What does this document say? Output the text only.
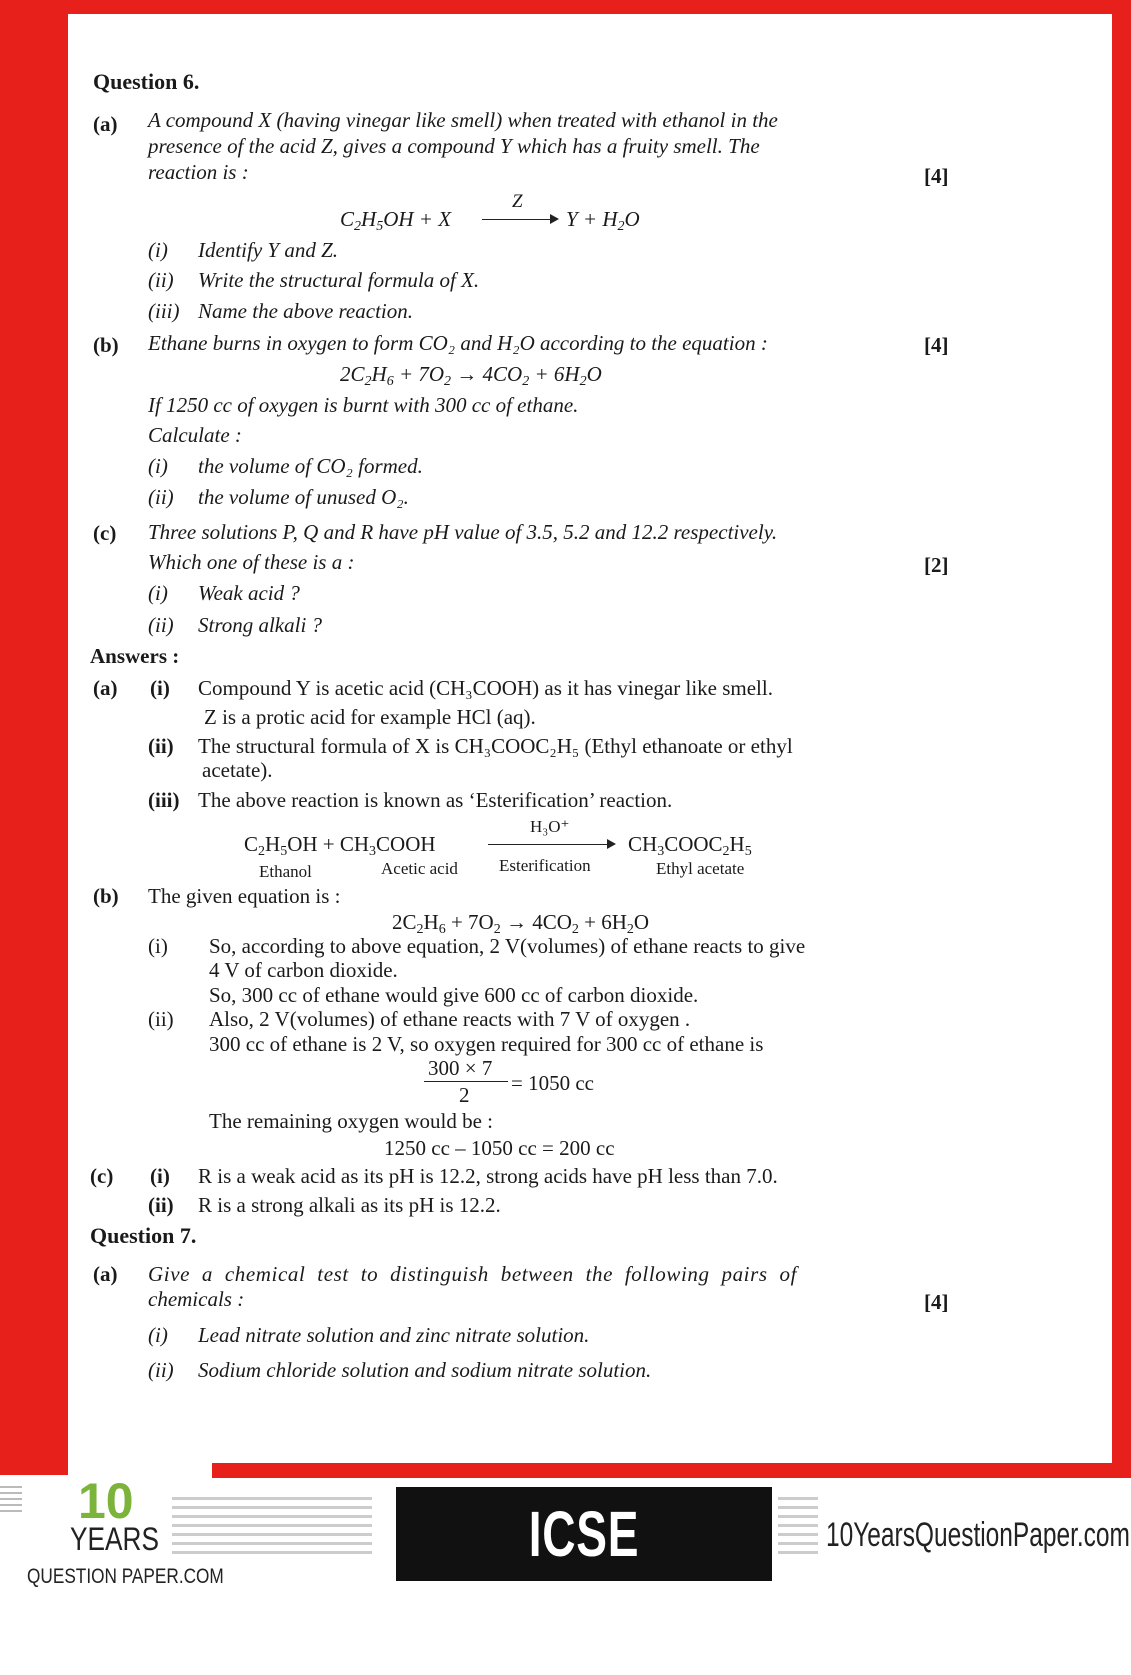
Question 6.
(a) A compound X (having vinegar like smell) when treated with ethanol in the
presence of the acid Z, gives a compound Y which has a fruity smell. The
reaction is :	[4]
$C_2H_5OH + X$
Z
$Y + H_2O$
(i) Identify Y and Z.
(ii) Write the structural formula of X.
(iii) Name the above reaction.
(b) Ethane burns in oxygen to form CO₂ and H₂O according to the equation :	[4]
$2C_2H_6 + 7O_2 \to 4CO_2 + 6H_2O$
If 1250 cc of oxygen is burnt with 300 cc of ethane.
Calculate :
(i) the volume of CO₂ formed.
(ii) the volume of unused O₂.
(c) Three solutions P, Q and R have pH value of 3.5, 5.2 and 12.2 respectively.
Which one of these is a :	[2]
(i) Weak acid ?
(ii) Strong alkali ?
Answers :
(a) (i) Compound Y is acetic acid (CH₃COOH) as it has vinegar like smell.
Z is a protic acid for example HCl (aq).
(ii) The structural formula of X is CH₃COOC₂H₅ (Ethyl ethanoate or ethyl
acetate).
(iii) The above reaction is known as ‘Esterification’ reaction.
$C_2H_5OH$ + $CH_3COOH$
H₃O⁺
$CH_3COOC_2H_5$
Ethanol	Acetic acid Esterification	Ethyl acetate
(b) The given equation is :
$2C_2H_6 + 7O_2 \to 4CO_2 + 6H_2O$
(i) So, according to above equation, 2 V(volumes) of ethane reacts to give
4 V of carbon dioxide.
So, 300 cc of ethane would give 600 cc of carbon dioxide.
(ii) Also, 2 V(volumes) of ethane reacts with 7 V of oxygen .
300 cc of ethane is 2 V, so oxygen required for 300 cc of ethane is
300 × 7
2 = 1050 cc
The remaining oxygen would be :
1250 cc – 1050 cc = 200 cc
(c) (i) R is a weak acid as its pH is 12.2, strong acids have pH less than 7.0.
(ii) R is a strong alkali as its pH is 12.2.
Question 7.
(a) Give a chemical test to distinguish between the following pairs of
chemicals :	[4]
(i) Lead nitrate solution and zinc nitrate solution.
(ii) Sodium chloride solution and sodium nitrate solution.
10
YEARS
QUESTION PAPER.COM
ICSE BOARD X
10YearsQuestionPaper.com
